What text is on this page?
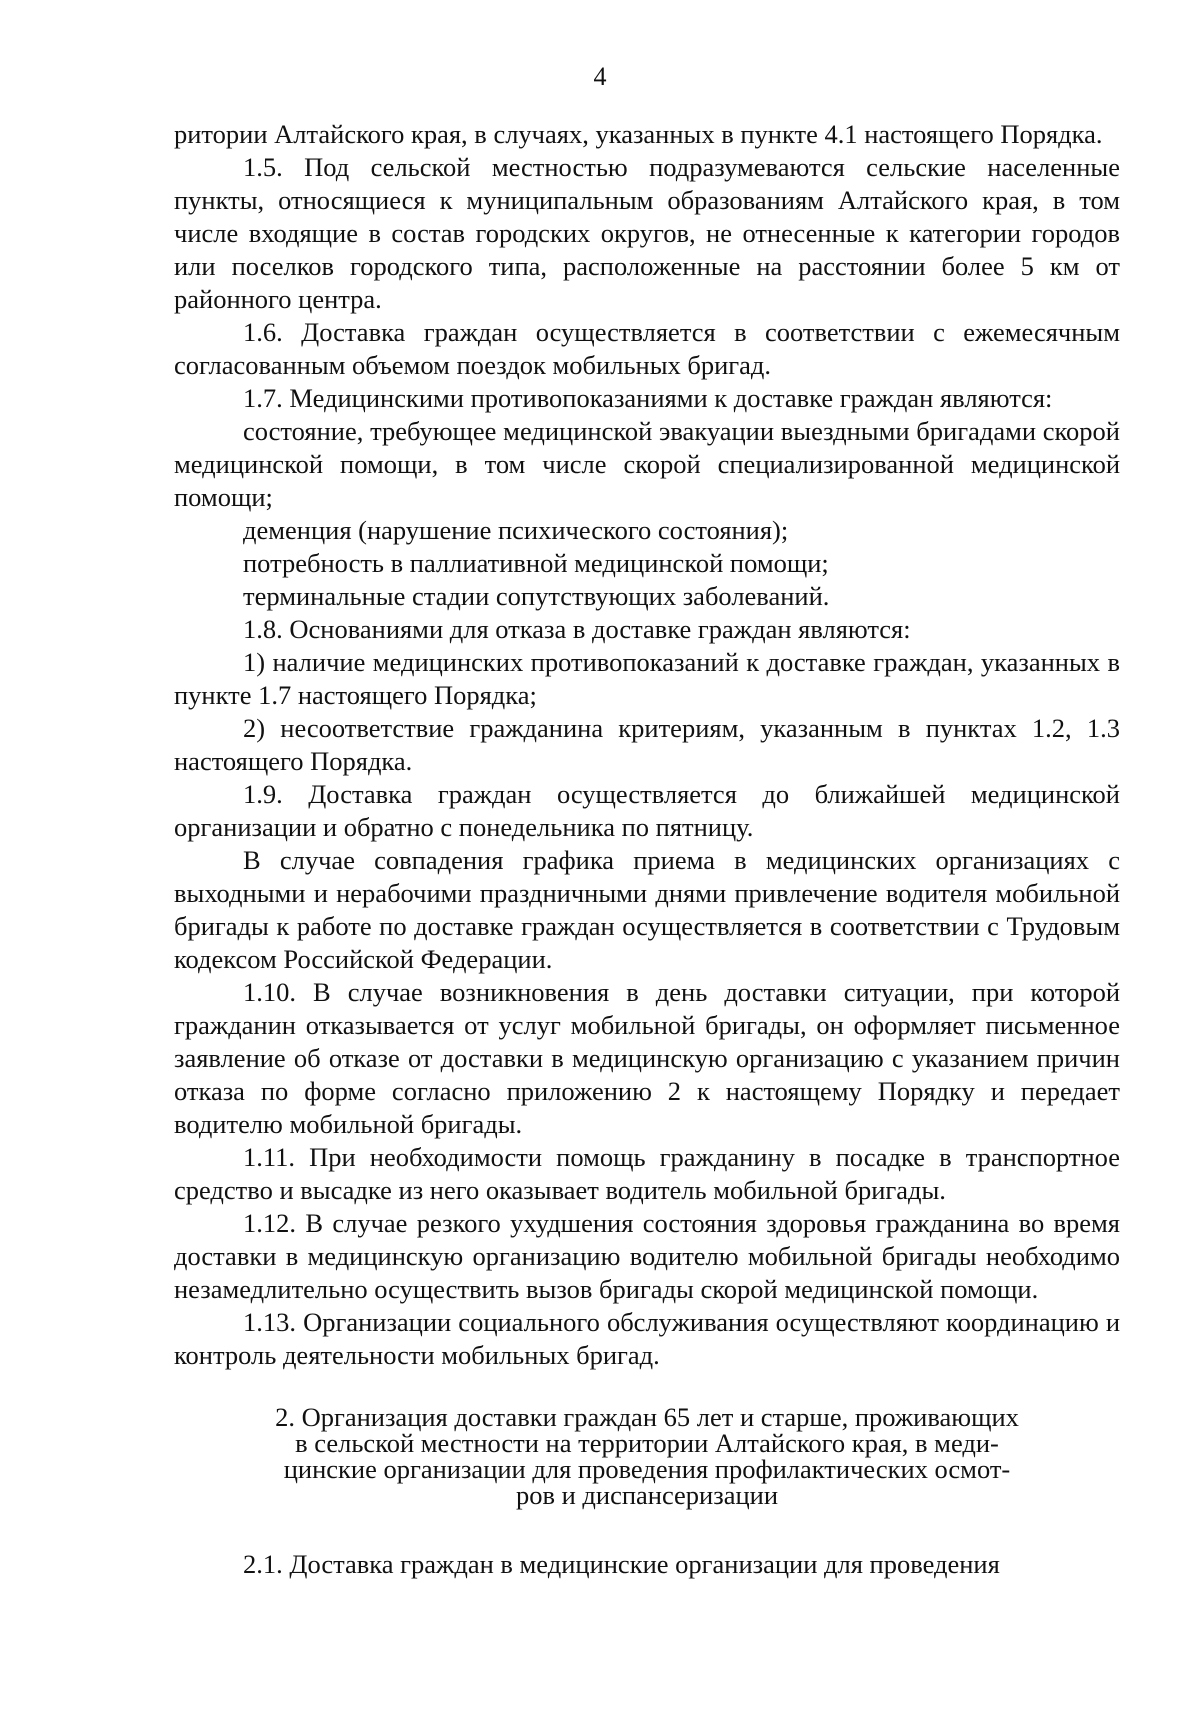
4

ритории Алтайского края, в случаях, указанных в пункте 4.1 настоящего Порядка.

1.5. Под сельской местностью подразумеваются сельские населенные пункты, относящиеся к муниципальным образованиям Алтайского края, в том числе входящие в состав городских округов, не отнесенные к категории городов или поселков городского типа, расположенные на расстоянии более 5 км от районного центра.

1.6. Доставка граждан осуществляется в соответствии с ежемесячным согласованным объемом поездок мобильных бригад.

1.7. Медицинскими противопоказаниями к доставке граждан являются:

состояние, требующее медицинской эвакуации выездными бригадами скорой медицинской помощи, в том числе скорой специализированной медицинской помощи;

деменция (нарушение психического состояния);

потребность в паллиативной медицинской помощи;

терминальные стадии сопутствующих заболеваний.

1.8. Основаниями для отказа в доставке граждан являются:

1) наличие медицинских противопоказаний к доставке граждан, указанных в пункте 1.7 настоящего Порядка;

2) несоответствие гражданина критериям, указанным в пунктах 1.2, 1.3 настоящего Порядка.

1.9. Доставка граждан осуществляется до ближайшей медицинской организации и обратно с понедельника по пятницу.

В случае совпадения графика приема в медицинских организациях с выходными и нерабочими праздничными днями привлечение водителя мобильной бригады к работе по доставке граждан осуществляется в соответствии с Трудовым кодексом Российской Федерации.

1.10. В случае возникновения в день доставки ситуации, при которой гражданин отказывается от услуг мобильной бригады, он оформляет письменное заявление об отказе от доставки в медицинскую организацию с указанием причин отказа по форме согласно приложению 2 к настоящему Порядку и передает водителю мобильной бригады.

1.11. При необходимости помощь гражданину в посадке в транспортное средство и высадке из него оказывает водитель мобильной бригады.

1.12. В случае резкого ухудшения состояния здоровья гражданина во время доставки в медицинскую организацию водителю мобильной бригады необходимо незамедлительно осуществить вызов бригады скорой медицинской помощи.

1.13. Организации социального обслуживания осуществляют координацию и контроль деятельности мобильных бригад.

2. Организация доставки граждан 65 лет и старше, проживающих
в сельской местности на территории Алтайского края, в меди-
цинские организации для проведения профилактических осмот-
ров и диспансеризации

2.1. Доставка граждан в медицинские организации для проведения
